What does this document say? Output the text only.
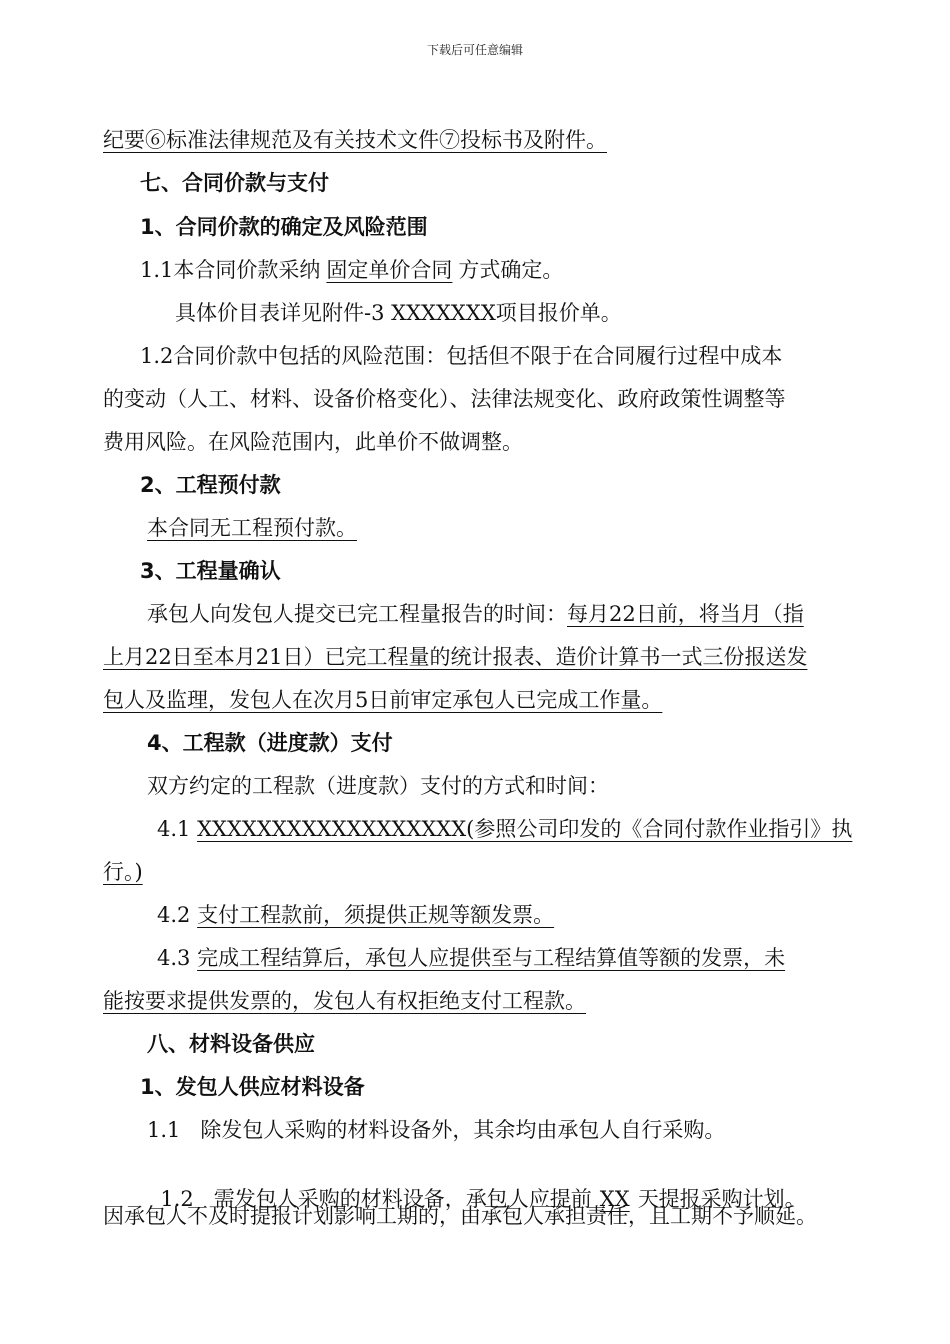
下载后可任意编辑
纪要⑥标准法律规范及有关技术文件⑦投标书及附件。
七、合同价款与支付
1、合同价款的确定及风险范围
1.1本合同价款采纳 固定单价合同 方式确定。
具体价目表详见附件-3 XXXXXXX项目报价单。
1.2合同价款中包括的风险范围：包括但不限于在合同履行过程中成本
的变动（人工、材料、设备价格变化）、法律法规变化、政府政策性调整等
费用风险。在风险范围内，此单价不做调整。
2、工程预付款
本合同无工程预付款。
3、工程量确认
承包人向发包人提交已完工程量报告的时间：每月22日前，将当月（指
上月22日至本月21日）已完工程量的统计报表、造价计算书一式三份报送发
包人及监理，发包人在次月5日前审定承包人已完成工作量。
4、工程款（进度款）支付
双方约定的工程款（进度款）支付的方式和时间：
4.1 XXXXXXXXXXXXXXXXXX(参照公司印发的《合同付款作业指引》执
行。)
4.2 支付工程款前，须提供正规等额发票。
4.3 完成工程结算后，承包人应提供至与工程结算值等额的发票，未
能按要求提供发票的，发包人有权拒绝支付工程款。
八、材料设备供应
1、发包人供应材料设备
1.1   除发包人采购的材料设备外，其余均由承包人自行采购。

1.2   需发包人采购的材料设备，承包人应提前 XX 天提报采购计划。

因承包人不及时提报计划影响工期的，由承包人承担责任，且工期不予顺延。
